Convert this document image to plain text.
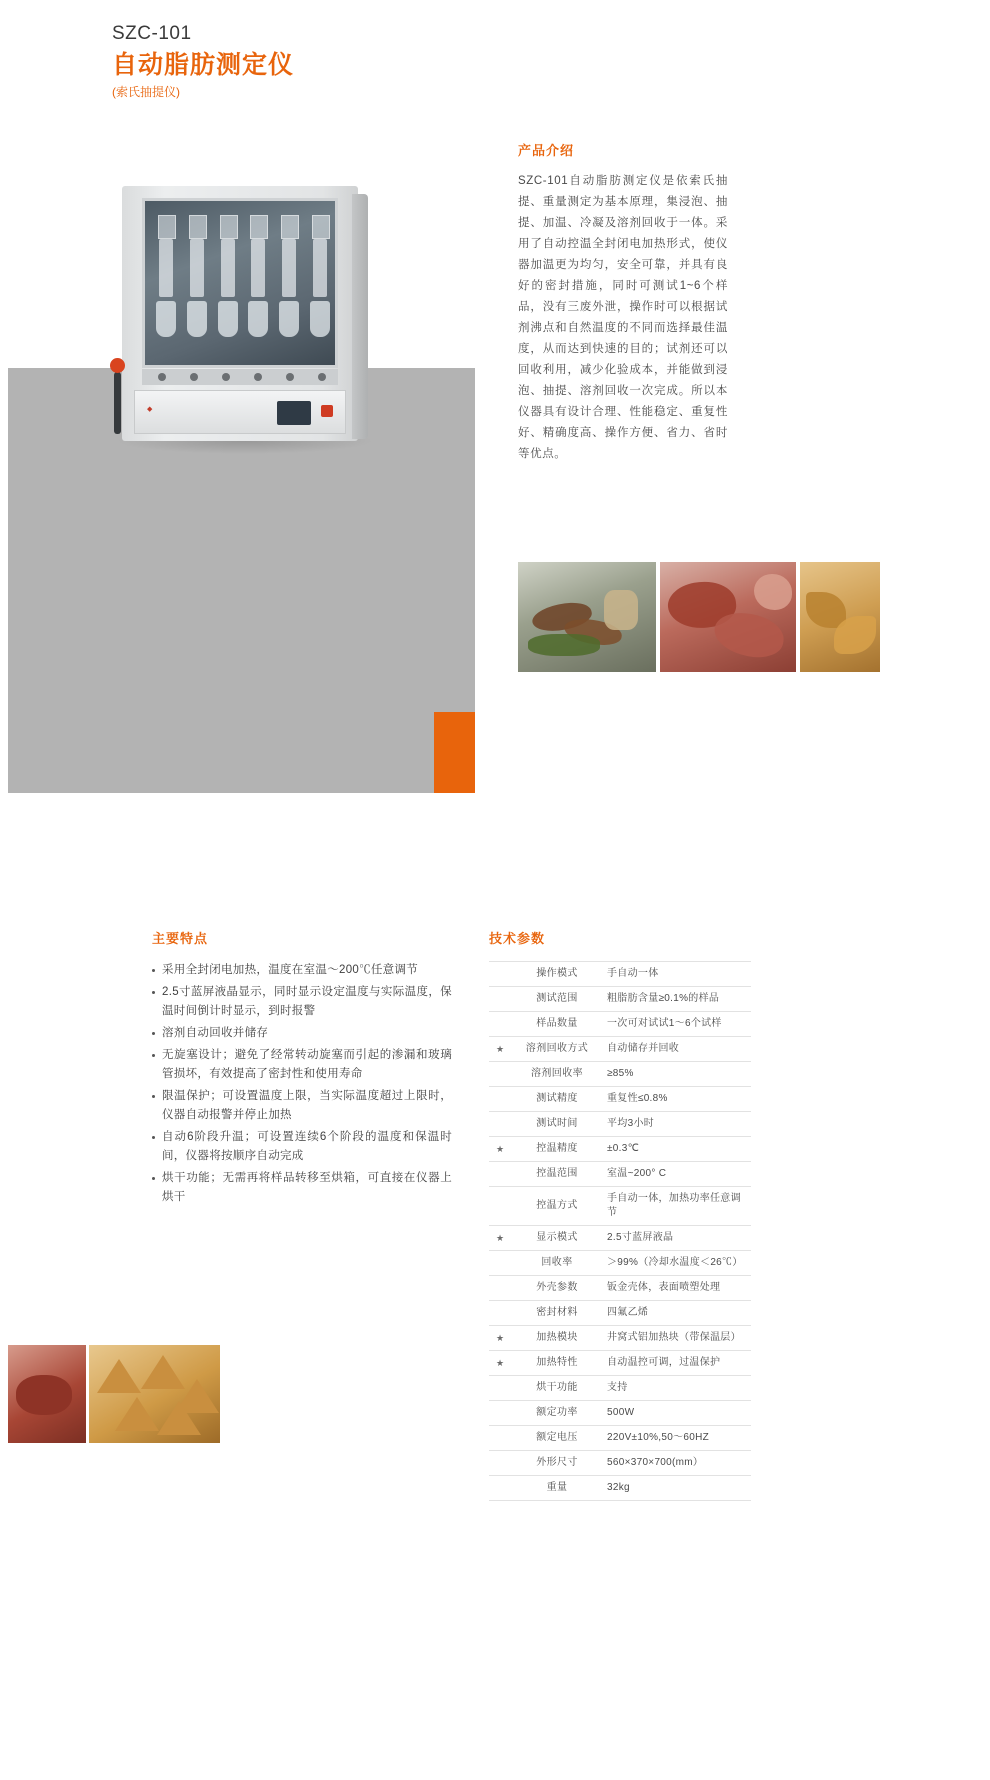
SZC-101
自动脂肪测定仪
(索氏抽提仪)
◆
产品介绍
SZC-101自动脂肪测定仪是依索氏抽提、重量测定为基本原理，集浸泡、抽提、加温、冷凝及溶剂回收于一体。采用了自动控温全封闭电加热形式，使仪器加温更为均匀，安全可靠，并具有良好的密封措施，同时可测试1~6个样品，没有三废外泄，操作时可以根据试剂沸点和自然温度的不同而选择最佳温度，从而达到快速的目的；试剂还可以回收利用，减少化验成本，并能做到浸泡、抽提、溶剂回收一次完成。所以本仪器具有设计合理、性能稳定、重复性好、精确度高、操作方便、省力、省时等优点。
主要特点
采用全封闭电加热，温度在室温～200℃任意调节
2.5寸蓝屏液晶显示，同时显示设定温度与实际温度，保温时间倒计时显示，到时报警
溶剂自动回收并储存
无旋塞设计；避免了经常转动旋塞而引起的渗漏和玻璃管损坏，有效提高了密封性和使用寿命
限温保护；可设置温度上限，当实际温度超过上限时，仪器自动报警并停止加热
自动6阶段升温；可设置连续6个阶段的温度和保温时间，仪器将按顺序自动完成
烘干功能；无需再将样品转移至烘箱，可直接在仪器上烘干
技术参数
	操作模式	手自动一体
	测试范围	粗脂肪含量≥0.1%的样品
	样品数量	一次可对试试1～6个试样
★	溶剂回收方式	自动储存并回收
	溶剂回收率	≥85%
	测试精度	重复性≤0.8%
	测试时间	平均3小时
★	控温精度	±0.3℃
	控温范围	室温~200° C
	控温方式	手自动一体，加热功率任意调节
★	显示模式	2.5寸蓝屏液晶
	回收率	＞99%（冷却水温度＜26℃）
	外壳参数	钣金壳体，表面喷塑处理
	密封材料	四氟乙烯
★	加热模块	井窝式铝加热块（带保温层）
★	加热特性	自动温控可调，过温保护
	烘干功能	支持
	额定功率	500W
	额定电压	220V±10%,50～60HZ
	外形尺寸	560×370×700(mm）
	重量	32kg
